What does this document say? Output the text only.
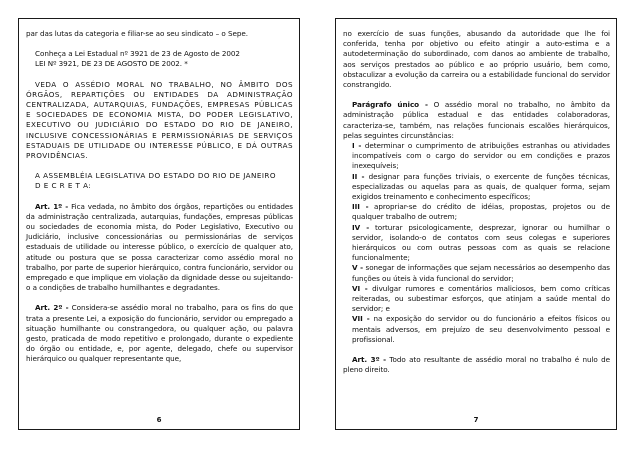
par das lutas da categoria e filiar-se ao seu sindicato – o Sepe.

Conheça a Lei Estadual nº 3921 de 23 de Agosto de 2002

LEI Nº 3921, DE 23 DE AGOSTO DE 2002. *

VEDA O ASSÉDIO MORAL NO TRABALHO, NO ÂMBITO DOS ÓRGÃOS, REPARTIÇÕES OU ENTIDADES DA ADMINISTRAÇÃO CENTRALIZADA, AUTARQUIAS, FUNDAÇÕES, EMPRESAS PÚBLICAS E SOCIEDADES DE ECONOMIA MISTA, DO PODER LEGISLATIVO, EXECUTIVO OU JUDICIÁRIO DO ESTADO DO RIO DE JANEIRO, INCLUSIVE CONCESSIONÁRIAS E PERMISSIONÁRIAS DE SERVIÇOS ESTADUAIS DE UTILIDADE OU INTERESSE PÚBLICO, E DÁ OUTRAS PROVIDÊNCIAS.

A ASSEMBLÉIA LEGISLATIVA DO ESTADO DO RIO DE JANEIRO

D E C R E T A:

Art. 1º - Fica vedada, no âmbito dos órgãos, repartições ou entidades da administração centralizada, autarquias, fundações, empresas públicas ou sociedades de economia mista, do Poder Legislativo, Executivo ou Judiciário, inclusive concessionárias ou permissionárias de serviços estaduais de utilidade ou interesse público, o exercício de qualquer ato, atitude ou postura que se possa caracterizar como assédio moral no trabalho, por parte de superior hierárquico, contra funcionário, servidor ou empregado e que implique em violação da dignidade desse ou sujeitando-o a condições de trabalho humilhantes e degradantes.

Art. 2º - Considera-se assédio moral no trabalho, para os fins do que trata a presente Lei, a exposição do funcionário, servidor ou empregado a situação humilhante ou constrangedora, ou qualquer ação, ou palavra gesto, praticada de modo repetitivo e prolongado, durante o expediente do órgão ou entidade, e, por agente, delegado, chefe ou supervisor hierárquico ou qualquer representante que,

6

no exercício de suas funções, abusando da autoridade que lhe foi conferida, tenha por objetivo ou efeito atingir a auto-estima e a autodeterminação do subordinado, com danos ao ambiente de trabalho, aos serviços prestados ao público e ao próprio usuário, bem como, obstaculizar a evolução da carreira ou a estabilidade funcional do servidor constrangido.

Parágrafo único - O assédio moral no trabalho, no âmbito da administração pública estadual e das entidades colaboradoras, caracteriza-se, também, nas relações funcionais escalões hierárquicos, pelas seguintes circunstâncias:

I - determinar o cumprimento de atribuições estranhas ou atividades incompatíveis com o cargo do servidor ou em condições e prazos inexequíveis;

II - designar para funções triviais, o exercente de funções técnicas, especializadas ou aquelas para as quais, de qualquer forma, sejam exigidos treinamento e conhecimento específicos;

III - apropriar-se do crédito de idéias, propostas, projetos ou de qualquer trabalho de outrem;

IV - torturar psicologicamente, desprezar, ignorar ou humilhar o servidor, isolando-o de contatos com seus colegas e superiores hierárquicos ou com outras pessoas com as quais se relacione funcionalmente;

V - sonegar de informações que sejam necessários ao desempenho das funções ou úteis à vida funcional do servidor;

VI - divulgar rumores e comentários maliciosos, bem como críticas reiteradas, ou subestimar esforços, que atinjam a saúde mental do servidor; e

VII - na exposição do servidor ou do funcionário a efeitos físicos ou mentais adversos, em prejuízo de seu desenvolvimento pessoal e profissional.

Art. 3º - Todo ato resultante de assédio moral no trabalho é nulo de pleno direito.

7
